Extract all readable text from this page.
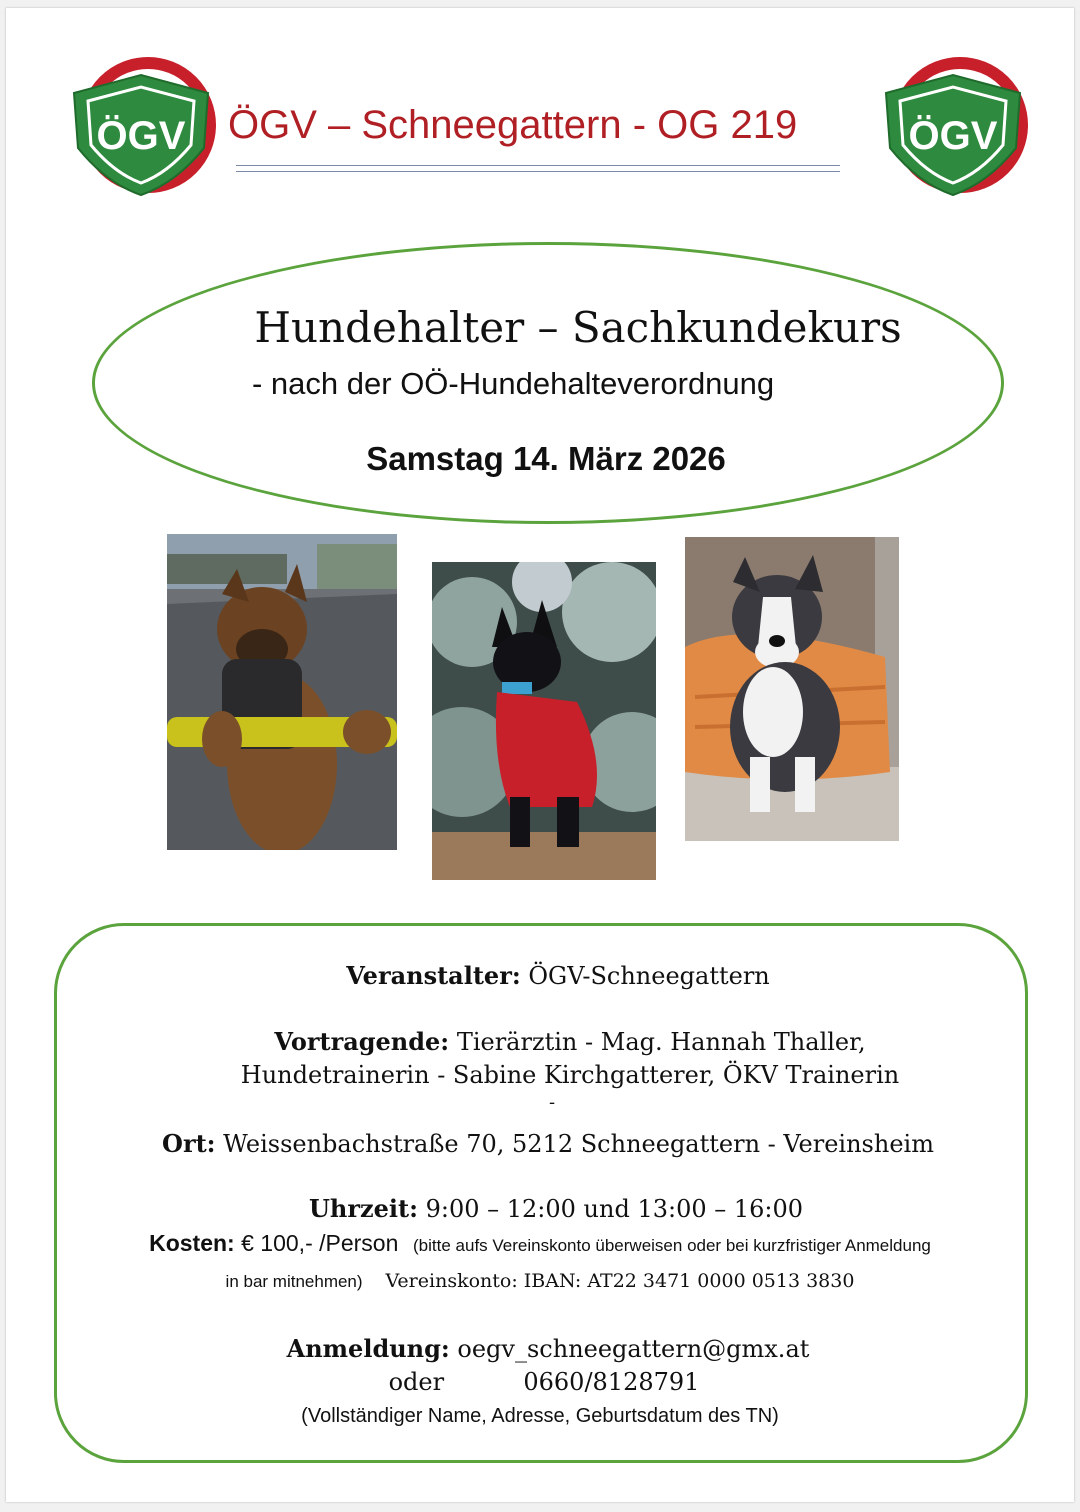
ÖGV	ÖGV
ÖGV – Schneegattern - OG 219
Hundehalter – Sachkundekurs
- nach der OÖ-Hundehalteverordnung
Samstag 14. März 2026
Veranstalter: ÖGV-Schneegattern
Vortragende: Tierärztin - Mag. Hannah Thaller,
Hundetrainerin - Sabine Kirchgatterer, ÖKV Trainerin
-
Ort: Weissenbachstraße 70, 5212 Schneegattern - Vereinsheim
Uhrzeit: 9:00 – 12:00 und 13:00 – 16:00
Kosten: € 100,- /Person (bitte aufs Vereinskonto überweisen oder bei kurzfristiger Anmeldung
in bar mitnehmen) Vereinskonto: IBAN: AT22 3471 0000 0513 3830
Anmeldung: oegv_schneegattern@gmx.at
oder	0660/8128791
(Vollständiger Name, Adresse, Geburtsdatum des TN)
